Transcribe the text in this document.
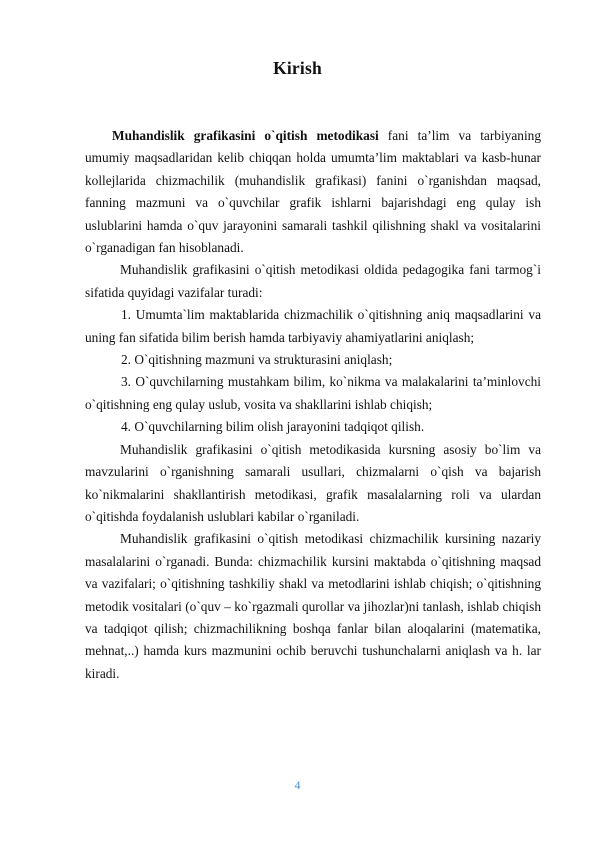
Kirish

Muhandislik grafikasini o`qitish metodikasi fani ta’lim va tarbiyaning umumiy maqsadlaridan kelib chiqqan holda umumta’lim maktablari va kasb-hunar kollejlarida chizmachilik (muhandislik grafikasi) fanini o`rganishdan maqsad, fanning mazmuni va o`quvchilar grafik ishlarni bajarishdagi eng qulay ish uslublarini hamda o`quv jarayonini samarali tashkil qilishning shakl va vositalarini o`rganadigan fan hisoblanadi.

Muhandislik grafikasini o`qitish metodikasi oldida pedagogika fani tarmog`i sifatida quyidagi vazifalar turadi:

1. Umumta`lim maktablarida chizmachilik o`qitishning aniq maqsadlarini va uning fan sifatida bilim berish hamda tarbiyaviy ahamiyatlarini aniqlash;

2. O`qitishning mazmuni va strukturasini aniqlash;

3. O`quvchilarning mustahkam bilim, ko`nikma va malakalarini ta’minlovchi o`qitishning eng qulay uslub, vosita va shakllarini ishlab chiqish;

4. O`quvchilarning bilim olish jarayonini tadqiqot qilish.

Muhandislik grafikasini o`qitish metodikasida kursning asosiy bo`lim va mavzularini o`rganishning samarali usullari, chizmalarni o`qish va bajarish ko`nikmalarini shakllantirish metodikasi, grafik masalalarning roli va ulardan o`qitishda foydalanish uslublari kabilar o`rganiladi.

Muhandislik grafikasini o`qitish metodikasi chizmachilik kursining nazariy masalalarini o`rganadi. Bunda: chizmachilik kursini maktabda o`qitishning maqsad va vazifalari; o`qitishning tashkiliy shakl va metodlarini ishlab chiqish; o`qitishning metodik vositalari (o`quv – ko`rgazmali qurollar va jihozlar)ni tanlash, ishlab chiqish va tadqiqot qilish; chizmachilikning boshqa fanlar bilan aloqalarini (matematika, mehnat,..) hamda kurs mazmunini ochib beruvchi tushunchalarni aniqlash va h. lar kiradi.

4
